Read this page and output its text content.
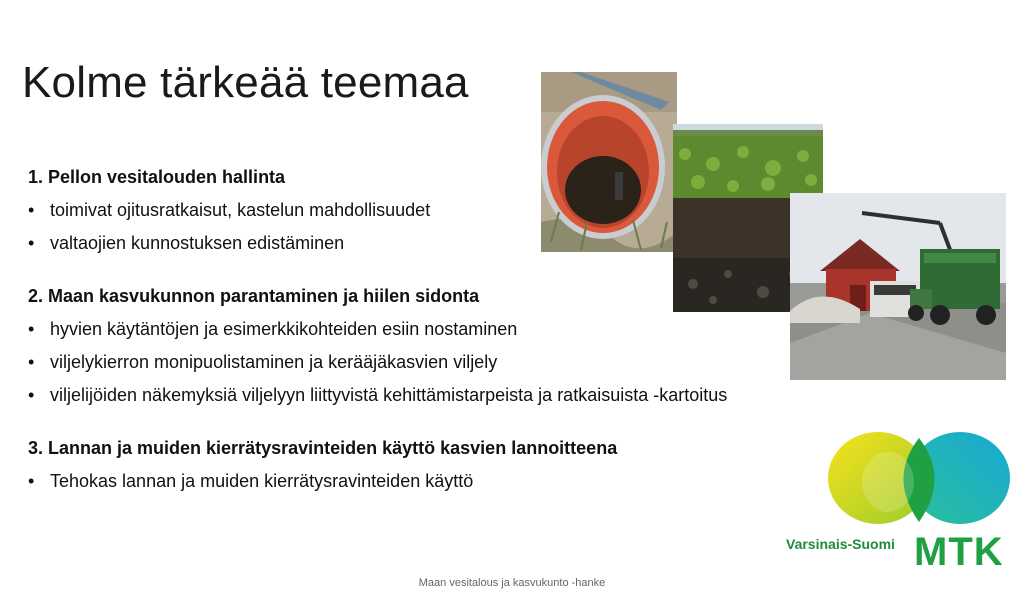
Kolme tärkeää teemaa
1. Pellon vesitalouden hallinta
• toimivat ojitusratkaisut, kastelun mahdollisuudet
• valtaojien kunnostuksen edistäminen
2. Maan kasvukunnon parantaminen ja hiilen sidonta
• hyvien käytäntöjen ja esimerkkikohteiden esiin nostaminen
• viljelykierron monipuolistaminen ja kerääjäkasvien viljely
• viljelijöiden näkemyksiä viljelyyn liittyvistä kehittämistarpeista ja ratkaisuista -kartoitus
3. Lannan ja muiden kierrätysravinteiden käyttö kasvien lannoitteena
• Tehokas lannan ja muiden kierrätysravinteiden käyttö
Varsinais-Suomi MTK
Maan vesitalous ja kasvukunto -hanke
